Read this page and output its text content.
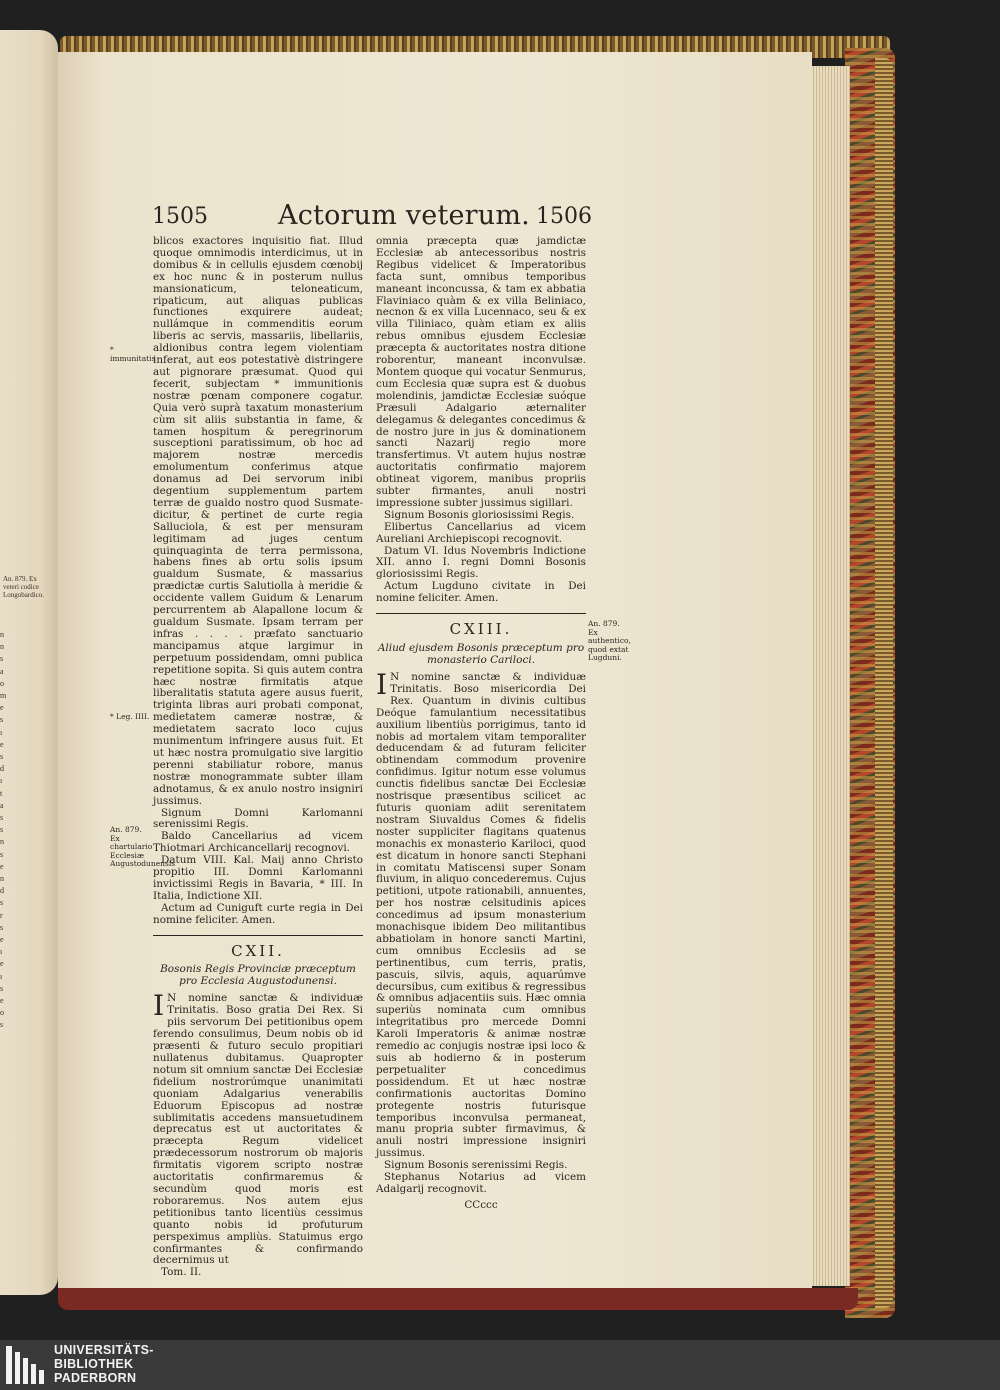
n
n
s
a
o
m
e
s
ı
e
s
d
ı
t
a
s
s
n
s
e
n
d
s
r
s
e
ı
e
ı
s
e
o
s
An. 879. Ex veteri codice Longobardico.
1505	Actorum veterum. 1506
* immunitatis
* Leg. IIII.
An. 879. Ex chartulario Ecclesiæ Augustodunensis
An. 879. Ex authentico, quod extat Lugduni.

blicos exactores inquisitio fiat. Illud quoque omnimodis interdicimus, ut in domibus & in cellulis ejusdem cœnobij ex hoc nunc & in posterum nullus mansionaticum, teloneaticum, ripaticum, aut aliquas publicas functiones exquirere audeat; nullámque in commenditis eorum liberis ac servis, massariis, libellariis, aldionibus contra legem violentiam inferat, aut eos potestativè distringere aut pignorare præsumat. Quod qui fecerit, subjectam * immunitionis nostræ pœnam componere cogatur. Quia verò suprà taxatum monasterium cùm sit aliis substantia in fame, & tamen hospitum & peregrinorum susceptioni paratissimum, ob hoc ad majorem nostræ mercedis emolumentum conferimus atque donamus ad Dei servorum inibi degentium supplementum partem terræ de gualdo nostro quod Susmate-dicitur, & pertinet de curte regia Salluciola, & est per mensuram legitimam ad juges centum quinquaginta de terra permissona, habens fines ab ortu solis ipsum gualdum Susmate, & massarius prædictæ curtis Salutiolla à meridie & occidente vallem Guidum & Lenarum percurrentem ab Alapallone locum & gualdum Susmate. Ipsam terram per infras . . . . præfato sanctuario mancipamus atque largimur in perpetuum possidendam, omni publica repetitione sopita. Si quis autem contra hæc nostræ firmitatis atque liberalitatis statuta agere ausus fuerit, triginta libras auri probati componat, medietatem cameræ nostræ, & medietatem sacrato loco cujus munimentum infringere ausus fuit. Et ut hæc nostra promulgatio sive largitio perenni stabiliatur robore, manus nostræ monogrammate subter illam adnotamus, & ex anulo nostro insigniri jussimus.

Signum Domni Karlomanni serenissimi Regis.

Baldo Cancellarius ad vicem Thiotmari Archicancellarij recognovi.

Datum VIII. Kal. Maij anno Christo propitio III. Domni Karlomanni invictissimi Regis in Bavaria, * III. In Italia, Indictione XII.

Actum ad Cuniguft curte regia in Dei nomine feliciter. Amen.

CXII.
Bosonis Regis Provinciæ præceptum pro Ecclesia Augustodunensi.

I N nomine sanctæ & individuæ Trinitatis. Boso gratia Dei Rex. Si piis servorum Dei petitionibus opem ferendo consulimus, Deum nobis ob id præsenti & futuro seculo propitiari nullatenus dubitamus. Quapropter notum sit omnium sanctæ Dei Ecclesiæ fidelium nostrorúmque unanimitati quoniam Adalgarius venerabilis Eduorum Episcopus ad nostræ sublimitatis accedens mansuetudinem deprecatus est ut auctoritates & præcepta Regum videlicet prædecessorum nostrorum ob majoris firmitatis vigorem scripto nostræ auctoritatis confirmaremus & secundùm quod moris est roboraremus. Nos autem ejus petitionibus tanto licentiùs cessimus quanto nobis id profuturum perspeximus ampliùs. Statuimus ergo confirmantes & confirmando decernimus ut

Tom. II.

omnia præcepta quæ jamdictæ Ecclesiæ ab antecessoribus nostris Regibus videlicet & Imperatoribus facta sunt, omnibus temporibus maneant inconcussa, & tam ex abbatia Flaviniaco quàm & ex villa Beliniaco, necnon & ex villa Lucennaco, seu & ex villa Tiliniaco, quàm etiam ex aliis rebus omnibus ejusdem Ecclesiæ præcepta & auctoritates nostra ditione roborentur, maneant inconvulsæ. Montem quoque qui vocatur Senmurus, cum Ecclesia quæ supra est & duobus molendinis, jamdictæ Ecclesiæ suóque Præsuli Adalgario æternaliter delegamus & delegantes concedimus & de nostro jure in jus & dominationem sancti Nazarij regio more transfertimus. Vt autem hujus nostræ auctoritatis confirmatio majorem obtineat vigorem, manibus propriis subter firmantes, anuli nostri impressione subter jussimus sigillari.

Signum Bosonis gloriosissimi Regis.

Elibertus Cancellarius ad vicem Aureliani Archiepiscopi recognovit.

Datum VI. Idus Novembris Indictione XII. anno I. regni Domni Bosonis gloriosissimi Regis.

Actum Lugduno civitate in Dei nomine feliciter. Amen.

CXIII.
Aliud ejusdem Bosonis præceptum pro monasterio Cariloci.

I N nomine sanctæ & individuæ Trinitatis. Boso misericordia Dei Rex. Quantum in divinis cultibus Deóque famulantium necessitatibus auxilium libentiùs porrigimus, tanto id nobis ad mortalem vitam temporaliter deducendam & ad futuram feliciter obtinendam commodum provenire confidimus. Igitur notum esse volumus cunctis fidelibus sanctæ Dei Ecclesiæ nostrisque præsentibus scilicet ac futuris quoniam adiit serenitatem nostram Siuvaldus Comes & fidelis noster suppliciter flagitans quatenus monachis ex monasterio Kariloci, quod est dicatum in honore sancti Stephani in comitatu Matiscensi super Sonam fluvium, in aliquo concederemus. Cujus petitioni, utpote rationabili, annuentes, per hos nostræ celsitudinis apices concedimus ad ipsum monasterium monachisque ibidem Deo militantibus abbatiolam in honore sancti Martini, cum omnibus Ecclesiis ad se pertinentibus, cum terris, pratis, pascuis, silvis, aquis, aquarúmve decursibus, cum exitibus & regressibus & omnibus adjacentiis suis. Hæc omnia superiùs nominata cum omnibus integritatibus pro mercede Domni Karoli Imperatoris & animæ nostræ remedio ac conjugis nostræ ipsi loco & suis ab hodierno & in posterum perpetualiter concedimus possidendum. Et ut hæc nostræ confirmationis auctoritas Domino protegente nostris futurisque temporibus inconvulsa permaneat, manu propria subter firmavimus, & anuli nostri impressione insigniri jussimus.

Signum Bosonis serenissimi Regis.

Stephanus Notarius ad vicem Adalgarij recognovit.

CCccc

UNIVERSITÄTS-
BIBLIOTHEK
PADERBORN
